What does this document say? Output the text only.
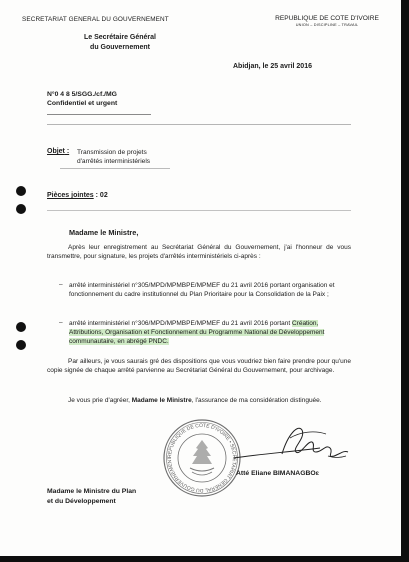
SECRETARIAT GENERAL DU GOUVERNEMENT	REPUBLIQUE DE COTE D'IVOIRE
UNION – DISCIPLINE – TRAVAIL
Le Secrétaire Général
du Gouvernement
Abidjan, le 25 avril 2016
N°0 4 8 5/SGG./cf./MG
Confidentiel et urgent
Objet : Transmission de projets
d'arrêtés interministériels
Pièces jointes : 02
Madame le Ministre,
Après leur enregistrement au Secrétariat Général du Gouvernement, j'ai l'honneur de vous transmettre, pour signature, les projets d'arrêtés interministériels ci-après :
– arrêté interministériel n°305/MPD/MPMBPE/MPMEF du 21 avril 2016 portant organisation et fonctionnement du cadre institutionnel du Plan Prioritaire pour la Consolidation de la Paix ;
– arrêté interministériel n°306/MPD/MPMBPE/MPMEF du 21 avril 2016 portant Création, Attributions, Organisation et Fonctionnement du Programme National de Développement communautaire, en abrégé PNDC.
Par ailleurs, je vous saurais gré des dispositions que vous voudriez bien faire prendre pour qu'une copie signée de chaque arrêté parvienne au Secrétariat Général du Gouvernement, pour archivage.
Je vous prie d'agréer, Madame le Ministre, l'assurance de ma considération distinguée.
REPUBLIQUE DE COTE D'IVOIRE • SECRETARIAT GENERAL DU GOUVERNEMENT
Atté Eliane BIMANAGBOɛ
Madame le Ministre du Plan
et du Développement
